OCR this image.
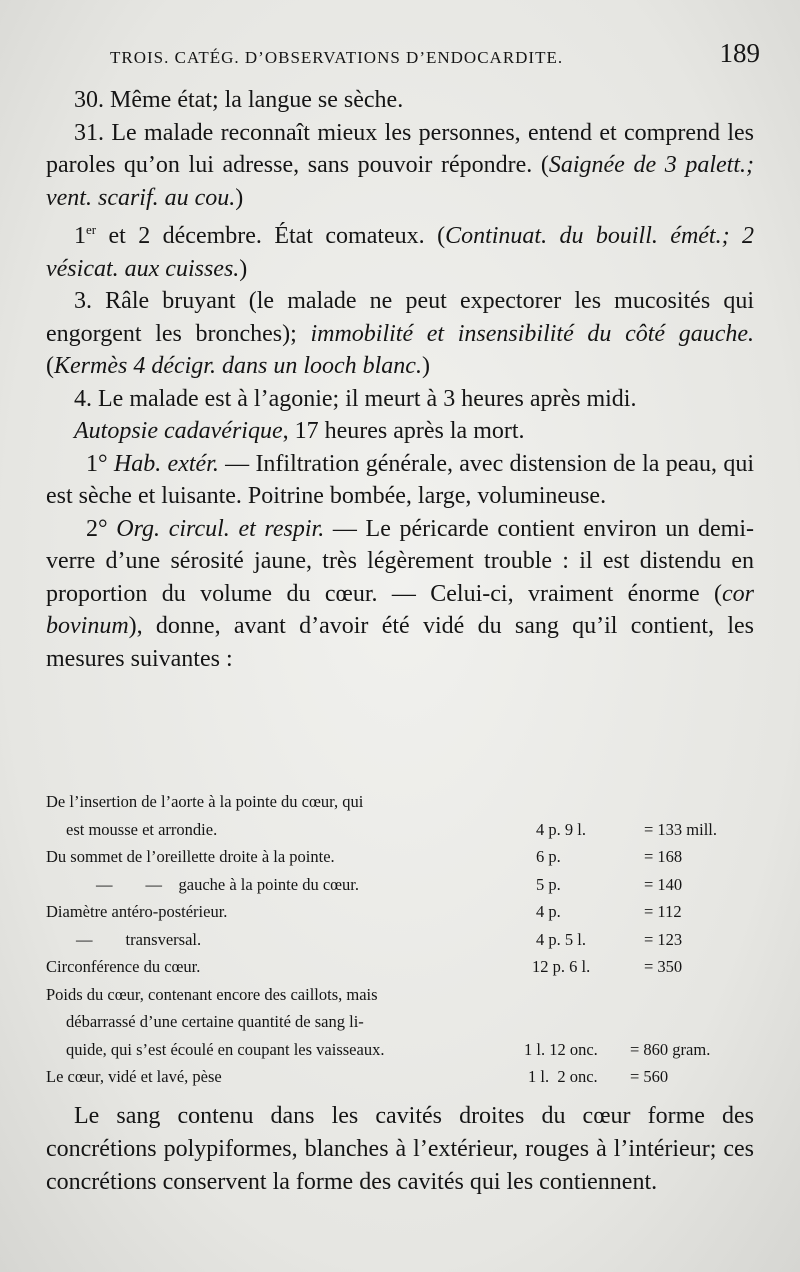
TROIS. CATÉG. D’OBSERVATIONS D’ENDOCARDITE.	189

30. Même état; la langue se sèche.

31. Le malade reconnaît mieux les personnes, entend et comprend les paroles qu’on lui adresse, sans pouvoir répondre. (Saignée de 3 palett.; vent. scarif. au cou.)

1er et 2 décembre. État comateux. (Continuat. du bouill. émét.; 2 vésicat. aux cuisses.)

3. Râle bruyant (le malade ne peut expectorer les mucosités qui engorgent les bronches); immobilité et insensibilité du côté gauche. (Kermès 4 décigr. dans un looch blanc.)

4. Le malade est à l’agonie; il meurt à 3 heures après midi.

Autopsie cadavérique, 17 heures après la mort.

1° Hab. extér. — Infiltration générale, avec distension de la peau, qui est sèche et luisante. Poitrine bombée, large, volumineuse.

2° Org. circul. et respir. — Le péricarde contient environ un demi-verre d’une sérosité jaune, très légèrement trouble : il est distendu en proportion du volume du cœur. — Celui-ci, vraiment énorme (cor bovinum), donne, avant d’avoir été vidé du sang qu’il contient, les mesures suivantes :

De l’insertion de l’aorte à la pointe du cœur, qui
est mousse et arrondie.	4 p. 9 l.	= 133 mill.
Du sommet de l’oreillette droite à la pointe.	6 p.	= 168
—        —    gauche à la pointe du cœur.	5 p.	= 140
Diamètre antéro-postérieur.	4 p.	= 112
—        transversal.	4 p. 5 l.	= 123
Circonférence du cœur.	12 p. 6 l.	= 350
Poids du cœur, contenant encore des caillots, mais
débarrassé d’une certaine quantité de sang li-
quide, qui s’est écoulé en coupant les vaisseaux.	1 l. 12 onc. = 860 gram.
Le cœur, vidé et lavé, pèse	1 l.  2 onc. = 560

Le sang contenu dans les cavités droites du cœur forme des concrétions polypiformes, blanches à l’extérieur, rouges à l’intérieur; ces concrétions conservent la forme des cavités qui les contiennent.
